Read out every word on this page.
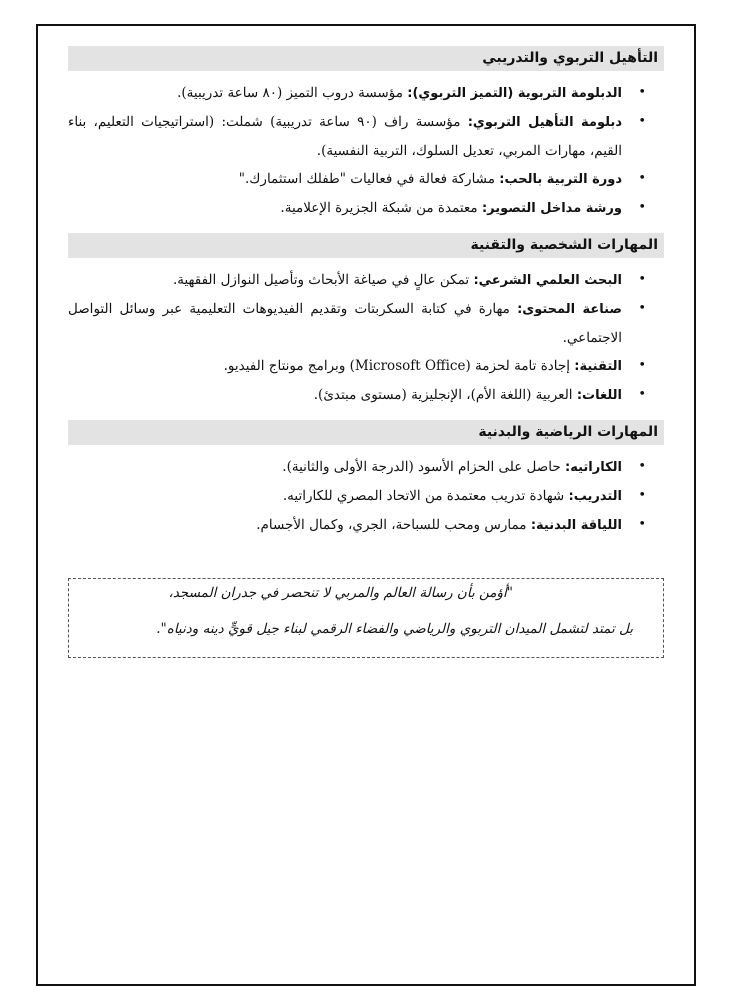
التأهيل التربوي والتدريبي
• الدبلومة التربوية (التميز التربوي): مؤسسة دروب التميز (٨٠ ساعة تدريبية).
• دبلومة التأهيل التربوي: مؤسسة راف (٩٠ ساعة تدريبية) شملت: (استراتيجيات التعليم، بناء القيم، مهارات المربي، تعديل السلوك، التربية النفسية).
• دورة التربية بالحب: مشاركة فعالة في فعاليات "طفلك استثمارك."
• ورشة مداخل التصوير: معتمدة من شبكة الجزيرة الإعلامية.
المهارات الشخصية والتقنية
• البحث العلمي الشرعي: تمكن عالٍ في صياغة الأبحاث وتأصيل النوازل الفقهية.
• صناعة المحتوى: مهارة في كتابة السكربتات وتقديم الفيديوهات التعليمية عبر وسائل التواصل الاجتماعي.
• التقنية: إجادة تامة لحزمة (Microsoft Office) وبرامج مونتاج الفيديو.
• اللغات: العربية (اللغة الأم)، الإنجليزية (مستوى مبتدئ).
المهارات الرياضية والبدنية
• الكاراتيه: حاصل على الحزام الأسود (الدرجة الأولى والثانية).
• التدريب: شهادة تدريب معتمدة من الاتحاد المصري للكاراتيه.
• اللياقة البدنية: ممارس ومحب للسباحة، الجري، وكمال الأجسام.
"أؤمن بأن رسالة العالم والمربي لا تنحصر في جدران المسجد،
بل تمتد لتشمل الميدان التربوي والرياضي والفضاء الرقمي لبناء جيل قويٍّ دينه ودنياه".
